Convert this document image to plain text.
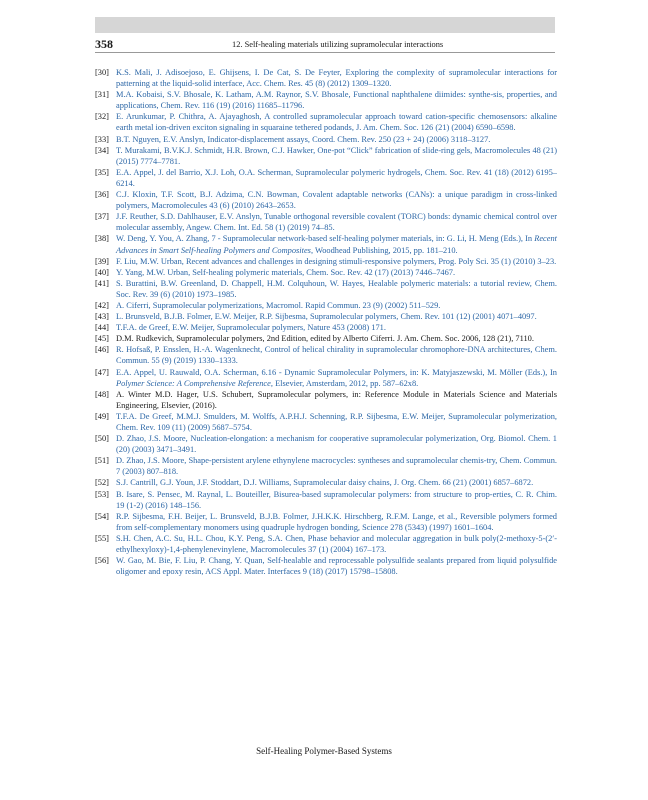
358	12. Self-healing materials utilizing supramolecular interactions
[30] K.S. Mali, J. Adisoejoso, E. Ghijsens, I. De Cat, S. De Feyter, Exploring the complexity of supramolecular interactions for patterning at the liquid-solid interface, Acc. Chem. Res. 45 (8) (2012) 1309–1320.
[31] M.A. Kobaisi, S.V. Bhosale, K. Latham, A.M. Raynor, S.V. Bhosale, Functional naphthalene diimides: synthe-sis, properties, and applications, Chem. Rev. 116 (19) (2016) 11685–11796.
[32] E. Arunkumar, P. Chithra, A. Ajayaghosh, A controlled supramolecular approach toward cation-specific chemosensors: alkaline earth metal ion-driven exciton signaling in squaraine tethered podands, J. Am. Chem. Soc. 126 (21) (2004) 6590–6598.
[33] B.T. Nguyen, E.V. Anslyn, Indicator-displacement assays, Coord. Chem. Rev. 250 (23 + 24) (2006) 3118–3127.
[34] T. Murakami, B.V.K.J. Schmidt, H.R. Brown, C.J. Hawker, One-pot “Click” fabrication of slide-ring gels, Macromolecules 48 (21) (2015) 7774–7781.
[35] E.A. Appel, J. del Barrio, X.J. Loh, O.A. Scherman, Supramolecular polymeric hydrogels, Chem. Soc. Rev. 41 (18) (2012) 6195–6214.
[36] C.J. Kloxin, T.F. Scott, B.J. Adzima, C.N. Bowman, Covalent adaptable networks (CANs): a unique paradigm in cross-linked polymers, Macromolecules 43 (6) (2010) 2643–2653.
[37] J.F. Reuther, S.D. Dahlhauser, E.V. Anslyn, Tunable orthogonal reversible covalent (TORC) bonds: dynamic chemical control over molecular assembly, Angew. Chem. Int. Ed. 58 (1) (2019) 74–85.
[38] W. Deng, Y. You, A. Zhang, 7 - Supramolecular network-based self-healing polymer materials, in: G. Li, H. Meng (Eds.), In Recent Advances in Smart Self-healing Polymers and Composites, Woodhead Publishing, 2015, pp. 181–210.
[39] F. Liu, M.W. Urban, Recent advances and challenges in designing stimuli-responsive polymers, Prog. Poly Sci. 35 (1) (2010) 3–23.
[40] Y. Yang, M.W. Urban, Self-healing polymeric materials, Chem. Soc. Rev. 42 (17) (2013) 7446–7467.
[41] S. Burattini, B.W. Greenland, D. Chappell, H.M. Colquhoun, W. Hayes, Healable polymeric materials: a tutorial review, Chem. Soc. Rev. 39 (6) (2010) 1973–1985.
[42] A. Ciferri, Supramolecular polymerizations, Macromol. Rapid Commun. 23 (9) (2002) 511–529.
[43] L. Brunsveld, B.J.B. Folmer, E.W. Meijer, R.P. Sijbesma, Supramolecular polymers, Chem. Rev. 101 (12) (2001) 4071–4097.
[44] T.F.A. de Greef, E.W. Meijer, Supramolecular polymers, Nature 453 (2008) 171.
[45] D.M. Rudkevich, Supramolecular polymers, 2nd Edition, edited by Alberto Ciferri. J. Am. Chem. Soc. 2006, 128 (21), 7110.
[46] R. Hofsaß, P. Ensslen, H.-A. Wagenknecht, Control of helical chirality in supramolecular chromophore-DNA architectures, Chem. Commun. 55 (9) (2019) 1330–1333.
[47] E.A. Appel, U. Rauwald, O.A. Scherman, 6.16 - Dynamic Supramolecular Polymers, in: K. Matyjaszewski, M. Möller (Eds.), In Polymer Science: A Comprehensive Reference, Elsevier, Amsterdam, 2012, pp. 587–62x8.
[48] A. Winter M.D. Hager, U.S. Schubert, Supramolecular polymers, in: Reference Module in Materials Science and Materials Engineering, Elsevier, (2016).
[49] T.F.A. De Greef, M.M.J. Smulders, M. Wolffs, A.P.H.J. Schenning, R.P. Sijbesma, E.W. Meijer, Supramolecular polymerization, Chem. Rev. 109 (11) (2009) 5687–5754.
[50] D. Zhao, J.S. Moore, Nucleation-elongation: a mechanism for cooperative supramolecular polymerization, Org. Biomol. Chem. 1 (20) (2003) 3471–3491.
[51] D. Zhao, J.S. Moore, Shape-persistent arylene ethynylene macrocycles: syntheses and supramolecular chemis-try, Chem. Commun. 7 (2003) 807–818.
[52] S.J. Cantrill, G.J. Youn, J.F. Stoddart, D.J. Williams, Supramolecular daisy chains, J. Org. Chem. 66 (21) (2001) 6857–6872.
[53] B. Isare, S. Pensec, M. Raynal, L. Bouteiller, Bisurea-based supramolecular polymers: from structure to prop-erties, C. R. Chim. 19 (1-2) (2016) 148–156.
[54] R.P. Sijbesma, F.H. Beijer, L. Brunsveld, B.J.B. Folmer, J.H.K.K. Hirschberg, R.F.M. Lange, et al., Reversible polymers formed from self-complementary monomers using quadruple hydrogen bonding, Science 278 (5343) (1997) 1601–1604.
[55] S.H. Chen, A.C. Su, H.L. Chou, K.Y. Peng, S.A. Chen, Phase behavior and molecular aggregation in bulk poly(2-methoxy-5-(2′-ethylhexyloxy)-1,4-phenylenevinylene, Macromolecules 37 (1) (2004) 167–173.
[56] W. Gao, M. Bie, F. Liu, P. Chang, Y. Quan, Self-healable and reprocessable polysulfide sealants prepared from liquid polysulfide oligomer and epoxy resin, ACS Appl. Mater. Interfaces 9 (18) (2017) 15798–15808.
Self-Healing Polymer-Based Systems
